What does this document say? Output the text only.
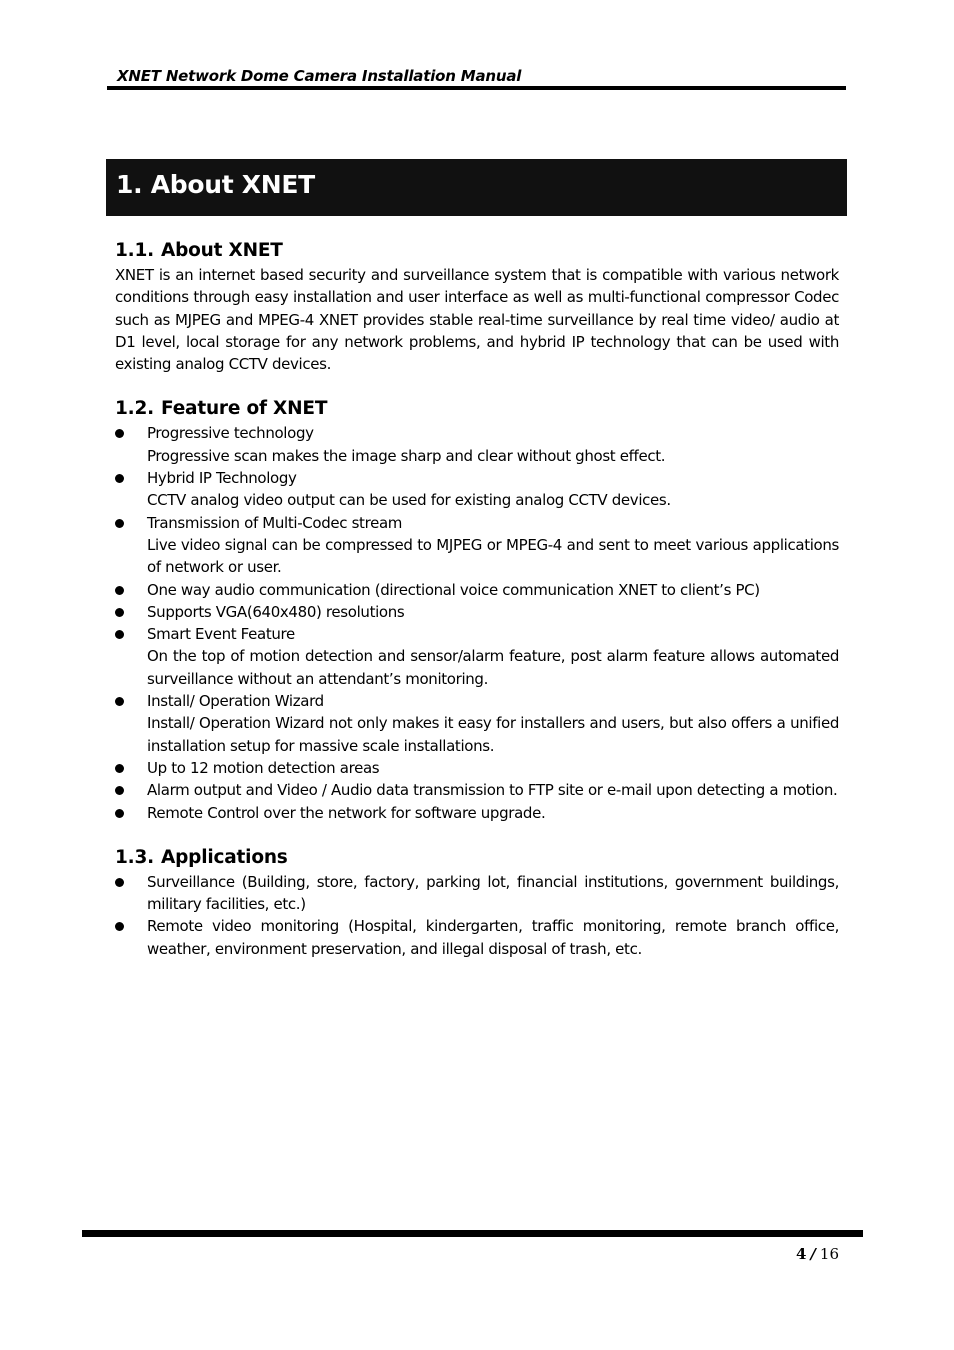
XNET Network Dome Camera Installation Manual
1. About XNET
1.1. About XNET

XNET is an internet based security and surveillance system that is compatible with various network conditions through easy installation and user interface as well as multi-functional compressor Codec such as MJPEG and MPEG-4 XNET provides stable real-time surveillance by real time video/ audio at D1 level, local storage for any network problems, and hybrid IP technology that can be used with existing analog CCTV devices.

1.2. Feature of XNET
Progressive technology
Progressive scan makes the image sharp and clear without ghost effect.
Hybrid IP Technology
CCTV analog video output can be used for existing analog CCTV devices.
Transmission of Multi-Codec stream
Live video signal can be compressed to MJPEG or MPEG-4 and sent to meet various applications of network or user.
One way audio communication (directional voice communication XNET to client’s PC)
Supports VGA(640x480) resolutions
Smart Event Feature
On the top of motion detection and sensor/alarm feature, post alarm feature allows automated surveillance without an attendant’s monitoring.
Install/ Operation Wizard
Install/ Operation Wizard not only makes it easy for installers and users, but also offers a unified installation setup for massive scale installations.
Up to 12 motion detection areas
Alarm output and Video / Audio data transmission to FTP site or e-mail upon detecting a motion.
Remote Control over the network for software upgrade.
1.3. Applications
Surveillance (Building, store, factory, parking lot, financial institutions, government buildings, military facilities, etc.)
Remote video monitoring (Hospital, kindergarten, traffic monitoring, remote branch office, weather, environment preservation, and illegal disposal of trash, etc.
4 / 16
